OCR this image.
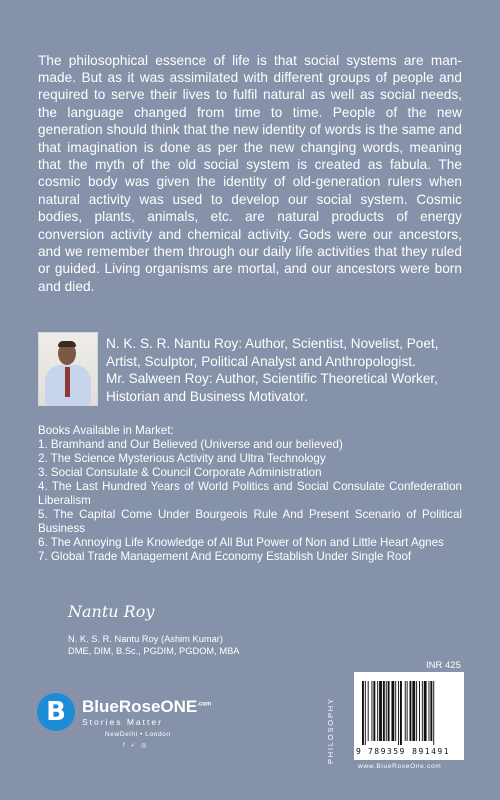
The philosophical essence of life is that social systems are man-made. But as it was assimilated with different groups of people and required to serve their lives to fulfil natural as well as social needs, the language changed from time to time. People of the new generation should think that the new identity of words is the same and that imagination is done as per the new changing words, meaning that the myth of the old social system is created as fabula. The cosmic body was given the identity of old-generation rulers when natural activity was used to develop our social system. Cosmic bodies, plants, animals, etc. are natural products of energy conversion activity and chemical activity. Gods were our ancestors, and we remember them through our daily life activities that they ruled or guided. Living organisms are mortal, and our ancestors were born and died.

N. K. S. R. Nantu Roy: Author, Scientist, Novelist, Poet, Artist, Sculptor, Political Analyst and Anthropologist.

Mr. Salween Roy: Author, Scientific Theoretical Worker, Historian and Business Motivator.

Books Available in Market:

1. Bramhand and Our Believed (Universe and our believed)
2. The Science Mysterious Activity and Ultra Technology
3. Social Consulate & Council Corporate Administration
4. The Last Hundred Years of World Politics and Social Consulate Confederation Liberalism
5. The Capital Come Under Bourgeois Rule And Present Scenario of Political Business
6. The Annoying Life Knowledge of All But Power of Non and Little Heart Agnes
7. Global Trade Management And Economy Establish Under Single Roof
Nantu Roy
N. K. S. R. Nantu Roy (Ashim Kumar)
DME, DIM, B.Sc., PGDIM, PGDOM, MBA
B BlueRoseONE$^{.com}$
Stories Matter
NewDelhi • London
f ✓ ◎
INR 425
PHILOSOPHY	9 789359 891491
www.BlueRoseOne.com
